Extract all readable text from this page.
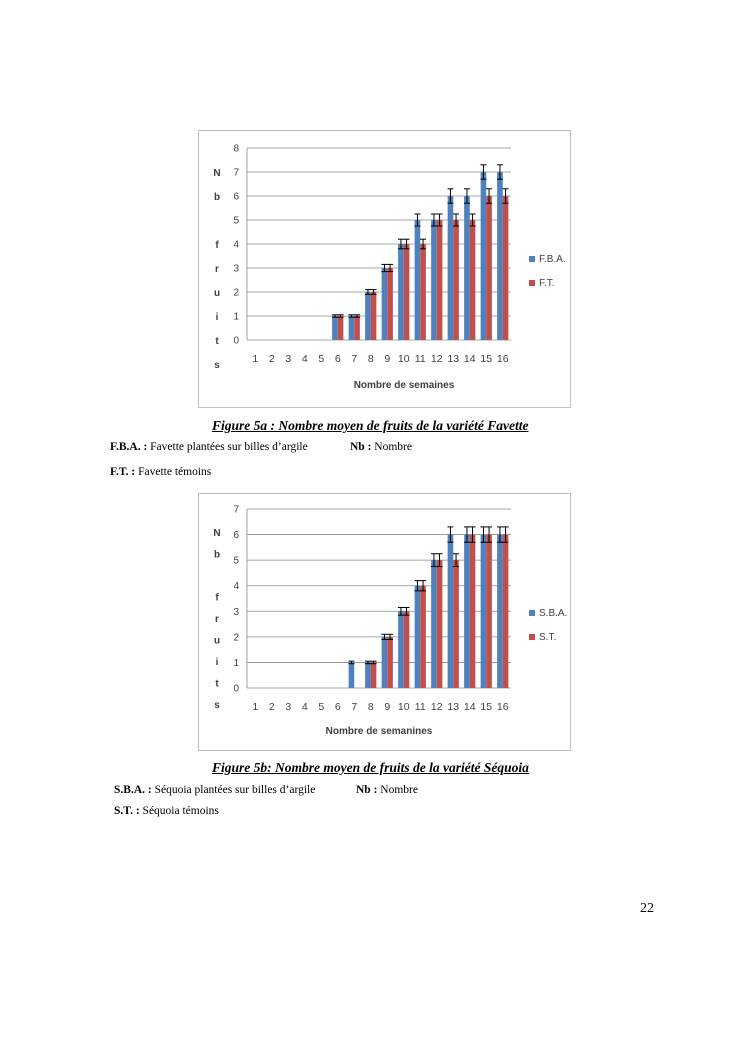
0
1
2
3
4
5
6
7
8
1 2 3 4 5 6 7 8 9 10 11 12 13 14 15 16
Nombre de semaines
N
b
f
r
u
i
t
s
F.B.A.
F.T.
Figure 5a : Nombre moyen de fruits de la variété Favette
F.B.A. : Favette plantées sur billes d’argile	Nb : Nombre
F.T. : Favette témoins
0
1
2
3
4
5
6
7
1 2 3 4 5 6 7 8 9 10 11 12 13 14 15 16
Nombre de semanines
N
b
f
r
u
i
t
s
S.B.A.
S.T.
Figure 5b: Nombre moyen de fruits de la variété Séquoia
S.B.A. : Séquoia plantées sur billes d’argile	Nb : Nombre
S.T. : Séquoia témoins
22
